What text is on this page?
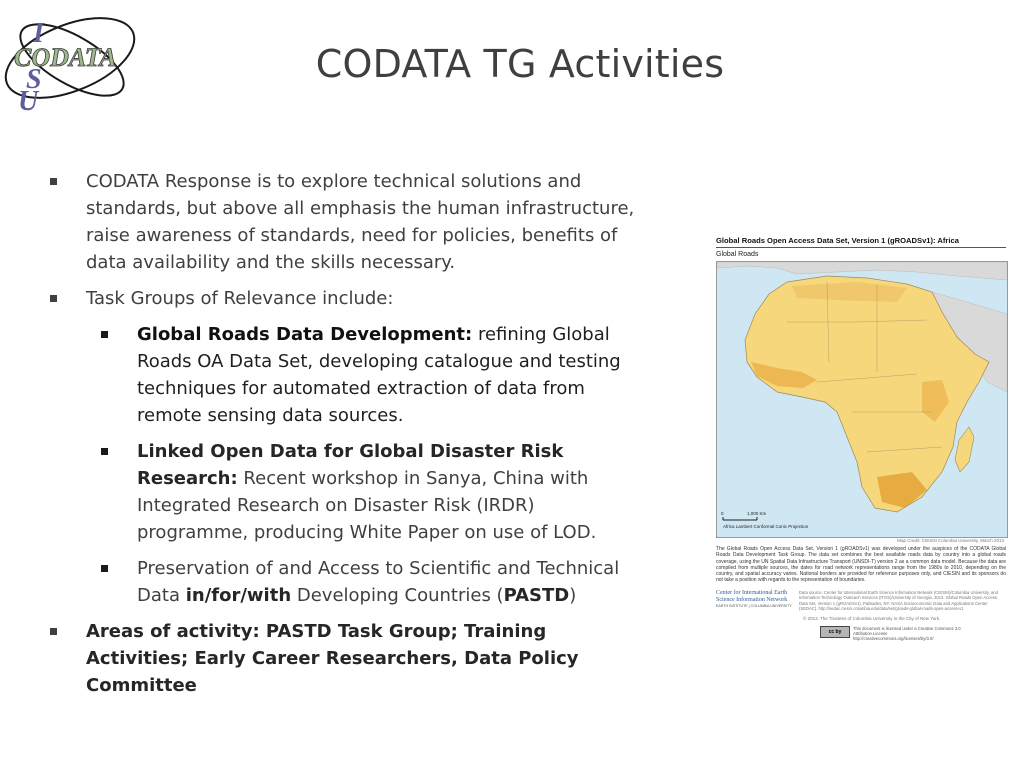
I
CODATA
S
U
CODATA TG Activities
CODATA Response is to explore technical solutions and standards, but above all emphasis the human infrastructure, raise awareness of standards, need for policies, benefits of data availability and the skills necessary.
Task Groups of Relevance include:
Global Roads Data Development: refining Global Roads OA Data Set, developing catalogue and testing techniques for automated extraction of data from remote sensing data sources.
Linked Open Data for Global Disaster Risk Research: Recent workshop in Sanya, China with Integrated Research on Disaster Risk (IRDR) programme, producing White Paper on use of LOD.
Preservation of and Access to Scientific and Technical Data in/for/with Developing Countries (PASTD)
Areas of activity: PASTD Task Group; Training Activities; Early Career Researchers, Data Policy Committee
Global Roads Open Access Data Set, Version 1 (gROADSv1): Africa
Global Roads
0	1,000 Km
Africa Lambert Conformal Conic Projection
Map Credit: CIESIN Columbia University, March 2013
The Global Roads Open Access Data Set, Version 1 (gROADSv1) was developed under the auspices of the CODATA Global Roads Data Development Task Group. The data set combines the best available roads data by country into a global roads coverage, using the UN Spatial Data Infrastructure Transport (UNSDI-T) version 2 as a common data model. Because the data are compiled from multiple sources, the dates for road network representations range from the 1980s to 2010, depending on the country, and spatial accuracy varies. National borders are provided for reference purposes only, and CIESIN and its sponsors do not take a position with regards to the representation of boundaries.
Center for International Earth Science Information Network
EARTH INSTITUTE | COLUMBIA UNIVERSITY
Data source: Center for International Earth Science Information Network (CIESIN)/Columbia University, and Information Technology Outreach Services (ITOS)/University of Georgia. 2013. Global Roads Open Access Data Set, Version 1 (gROADSv1). Palisades, NY: NASA Socioeconomic Data and Applications Center (SEDAC). http://sedac.ciesin.columbia.edu/data/set/groads-global-roads-open-access-v1
© 2013. The Trustees of Columbia University in the City of New York.
cc by
This document is licensed under a Creative Commons 3.0 Attribution License http://creativecommons.org/licenses/by/3.0/
